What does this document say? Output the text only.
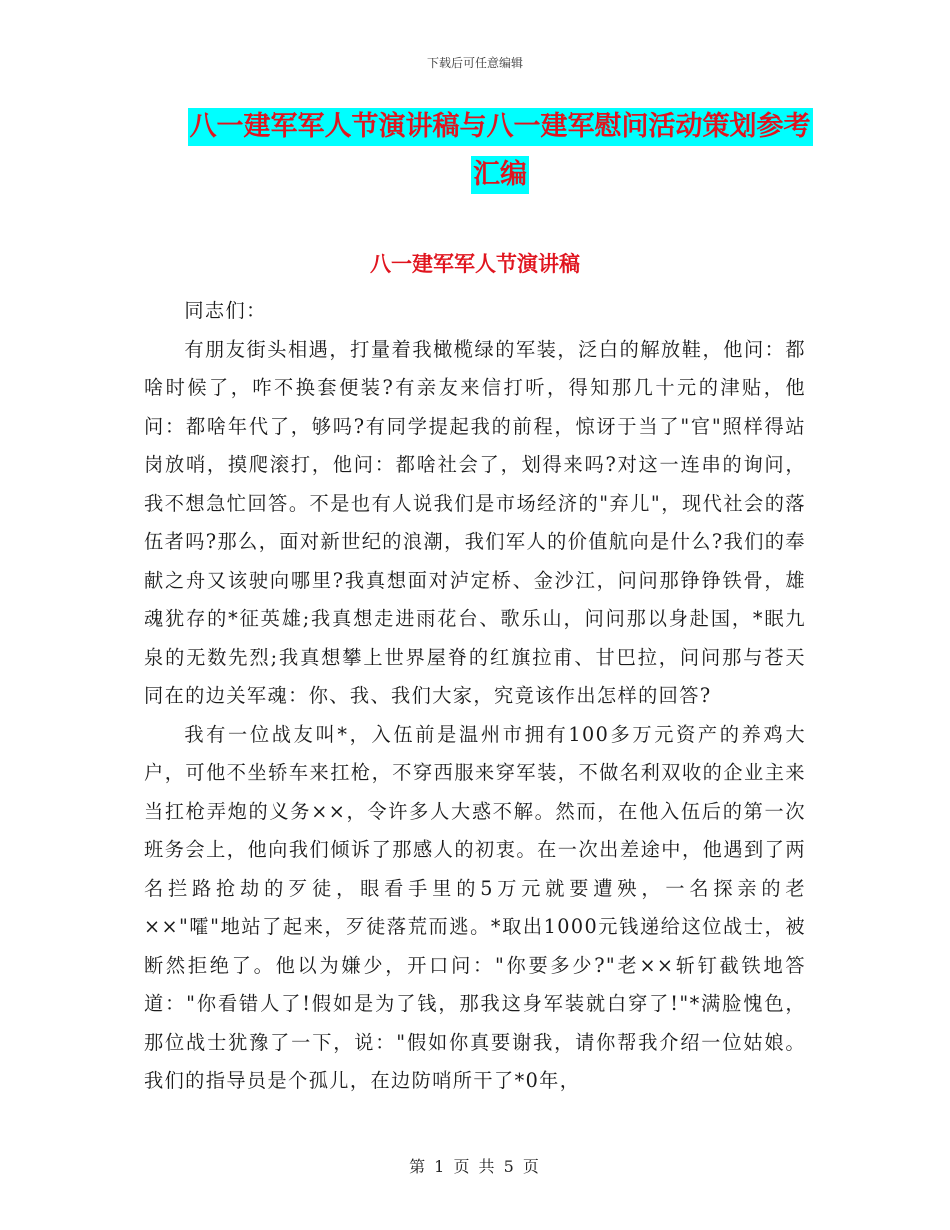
下载后可任意编辑
八一建军军人节演讲稿与八一建军慰问活动策划参考
汇编
八一建军军人节演讲稿

同志们：

有朋友街头相遇，打量着我橄榄绿的军装，泛白的解放鞋，他问：都啥时候了，咋不换套便装?有亲友来信打听，得知那几十元的津贴，他问：都啥年代了，够吗?有同学提起我的前程，惊讶于当了"官"照样得站岗放哨，摸爬滚打，他问：都啥社会了，划得来吗?对这一连串的询问，我不想急忙回答。不是也有人说我们是市场经济的"弃儿"，现代社会的落伍者吗?那么，面对新世纪的浪潮，我们军人的价值航向是什么?我们的奉献之舟又该驶向哪里?我真想面对泸定桥、金沙江，问问那铮铮铁骨，雄魂犹存的*征英雄;我真想走进雨花台、歌乐山，问问那以身赴国，*眠九泉的无数先烈;我真想攀上世界屋脊的红旗拉甫、甘巴拉，问问那与苍天同在的边关军魂：你、我、我们大家，究竟该作出怎样的回答?

我有一位战友叫*，入伍前是温州市拥有100多万元资产的养鸡大户，可他不坐轿车来扛枪，不穿西服来穿军装，不做名利双收的企业主来当扛枪弄炮的义务××，令许多人大惑不解。然而，在他入伍后的第一次班务会上，他向我们倾诉了那感人的初衷。在一次出差途中，他遇到了两名拦路抢劫的歹徒，眼看手里的5万元就要遭殃，一名探亲的老××"嚯"地站了起来，歹徒落荒而逃。*取出1000元钱递给这位战士，被断然拒绝了。他以为嫌少，开口问："你要多少?"老××斩钉截铁地答道："你看错人了!假如是为了钱，那我这身军装就白穿了!"*满脸愧色，那位战士犹豫了一下，说："假如你真要谢我，请你帮我介绍一位姑娘。我们的指导员是个孤儿，在边防哨所干了*0年，

第 1 页 共 5 页
